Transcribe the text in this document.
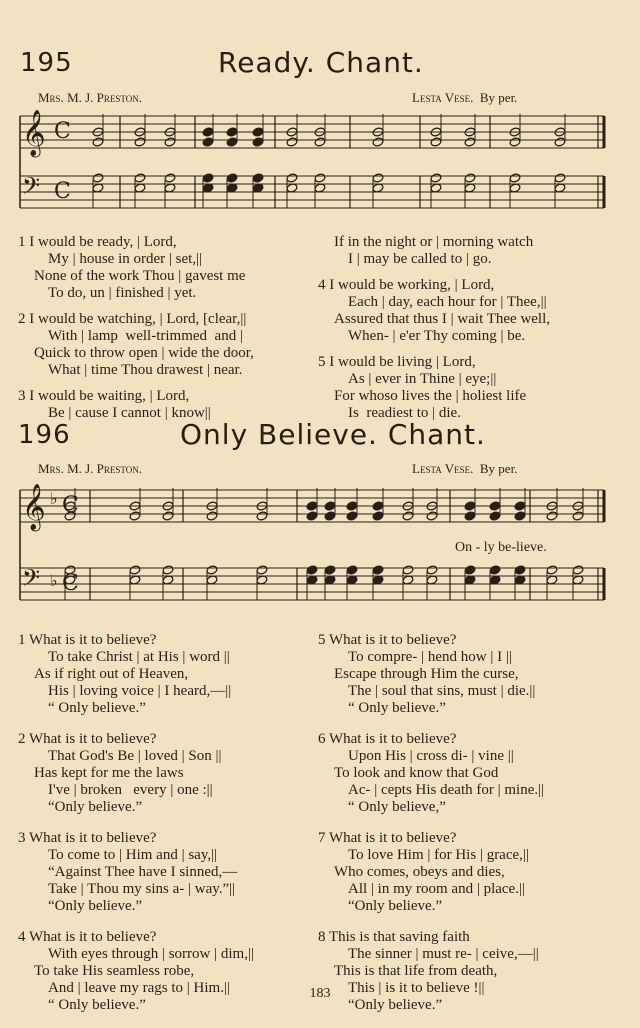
195	Ready. Chant.
Mrs. M. J. Preston.	Lesta Vese. By per.
𝄞 C
𝄢 C
1 I would be ready, | Lord,
My | house in order | set,||
None of the work Thou | gavest me
To do, un | finished | yet.
2 I would be watching, | Lord, [clear,||
With | lamp  well-trimmed  and |
Quick to throw open | wide the door,
What | time Thou drawest | near.
3 I would be waiting, | Lord,
Be | cause I cannot | know||
If in the night or | morning watch
I | may be called to | go.
4 I would be working, | Lord,
Each | day, each hour for | Thee,||
Assured that thus I | wait Thee well,
When- | e'er Thy coming | be.
5 I would be living | Lord,
As | ever in Thine | eye;||
For whoso lives the | holiest life
Is  readiest to | die.
196	Only Believe. Chant.
Mrs. M. J. Preston.	Lesta Vese. By per.
𝄞 ♭ C
𝄢 ♭ C
On - ly be-lieve.
1 What is it to believe?
To take Christ | at His | word ||
As if right out of Heaven,
His | loving voice | I heard,—||
“ Only believe.”
2 What is it to believe?
That God's Be | loved | Son ||
Has kept for me the laws
I've | broken   every | one :||
“Only believe.”
3 What is it to believe?
To come to | Him and | say,||
“Against Thee have I sinned,—
Take | Thou my sins a- | way.”||
“Only believe.”
4 What is it to believe?
With eyes through | sorrow | dim,||
To take His seamless robe,
And | leave my rags to | Him.||
“ Only believe.”
5 What is it to believe?
To compre- | hend how | I ||
Escape through Him the curse,
The | soul that sins, must | die.||
“ Only believe.”
6 What is it to believe?
Upon His | cross di- | vine ||
To look and know that God
Ac- | cepts His death for | mine.||
“ Only believe,”
7 What is it to believe?
To love Him | for His | grace,||
Who comes, obeys and dies,
All | in my room and | place.||
“Only believe.”
8 This is that saving faith
The sinner | must re- | ceive,—||
This is that life from death,
This | is it to believe !||
“Only believe.”
183
